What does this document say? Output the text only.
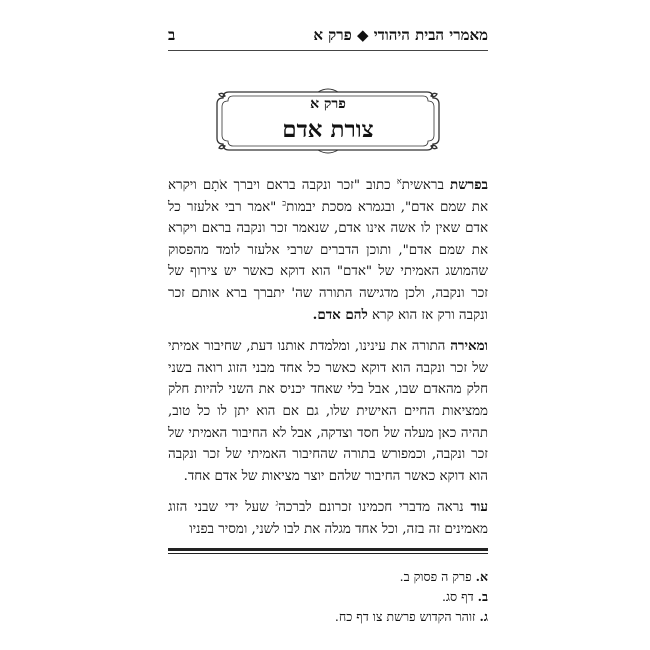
מאמרי הבית היהודי ◆ פרק א
ב
פרק א
צורת אדם

בפרשת בראשית$^א$ כתוב "זכר ונקבה בראם ויברך אֹתָם ויקרא את שמם אדם", ובגמרא מסכת יבמות$^ב$ "אמר רבי אלעזר כל אדם שאין לו אשה אינו אדם, שנאמר זכר ונקבה בראם ויקרא את שמם אדם", ותוכן הדברים שרבי אלעזר לומד מהפסוק שהמושג האמיתי של "אדם" הוא דוקא כאשר יש צירוף של זכר ונקבה, ולכן מדגישה התורה שה' יתברך ברא אותם זכר ונקבה ורק אז הוא קרא להם אדם.

ומאירה התורה את עינינו, ומלמדת אותנו דעת, שחיבור אמיתי של זכר ונקבה הוא דוקא כאשר כל אחד מבני הזוג רואה בשני חלק מהאדם שבו, אבל בלי שאחד יכניס את השני להיות חלק ממציאות החיים האישית שלו, גם אם הוא יתן לו כל טוב, תהיה כאן מעלה של חסד וצדקה, אבל לא החיבור האמיתי של זכר ונקבה, וכמפורש בתורה שהחיבור האמיתי של זכר ונקבה הוא דוקא כאשר החיבור שלהם יוצר מציאות של אדם אחד.

עוד נראה מדברי חכמינו זכרונם לברכה$^ג$ שעל ידי שבני הזוג מאמינים זה בזה, וכל אחד מגלה את לבו לשני, ומסיר בפניו

א. פרק ה פסוק ב.

ב. דף סג.

ג. זוהר הקדוש פרשת צו דף כח.
